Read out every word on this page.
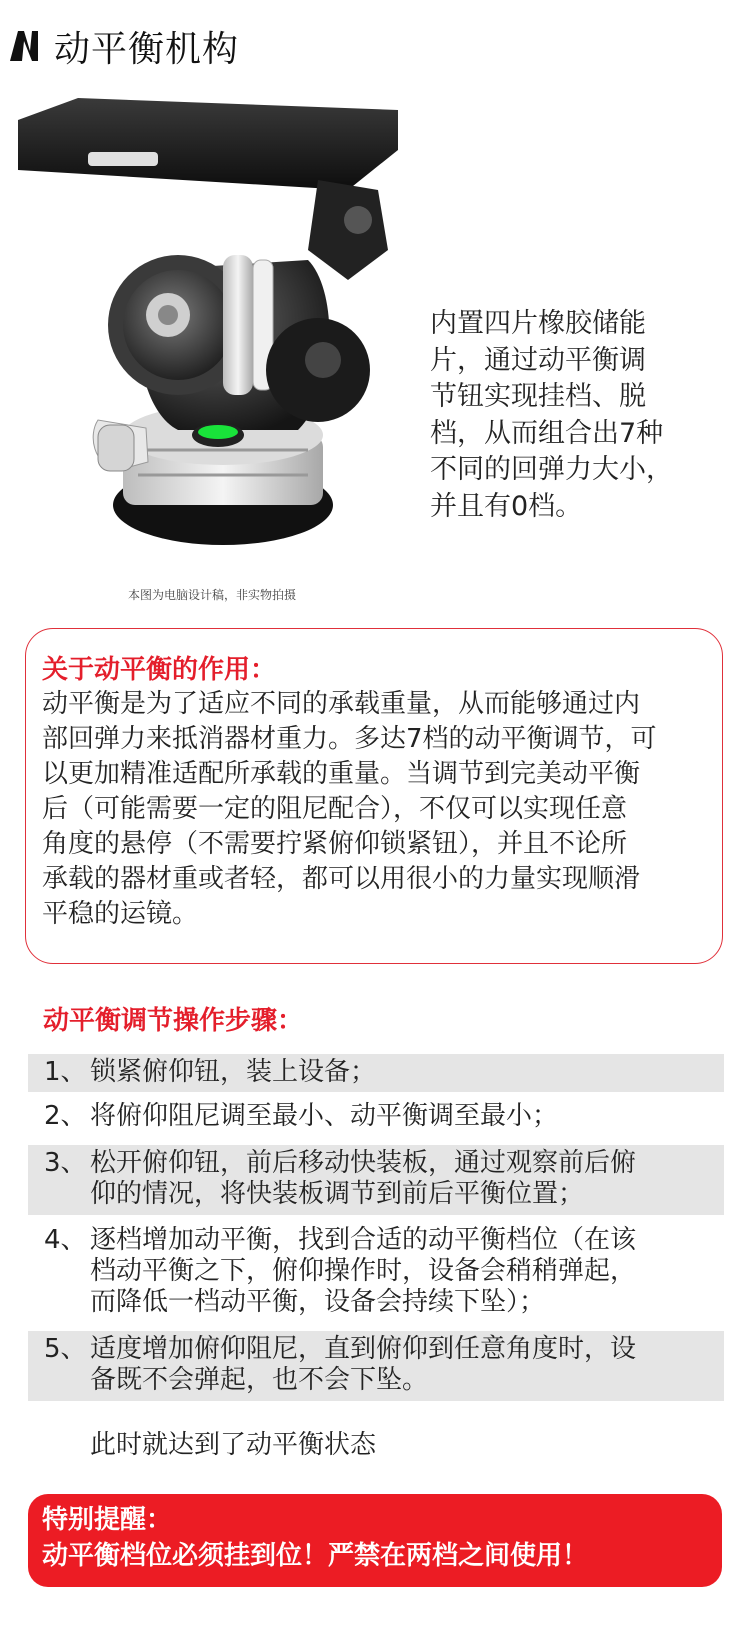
动平衡机构
本图为电脑设计稿，非实物拍摄
内置四片橡胶储能
片，通过动平衡调
节钮实现挂档、脱
档，从而组合出7种
不同的回弹力大小，
并且有0档。
关于动平衡的作用：
动平衡是为了适应不同的承载重量，从而能够通过内
部回弹力来抵消器材重力。多达7档的动平衡调节，可
以更加精准适配所承载的重量。当调节到完美动平衡
后（可能需要一定的阻尼配合），不仅可以实现任意
角度的悬停（不需要拧紧俯仰锁紧钮），并且不论所
承载的器材重或者轻，都可以用很小的力量实现顺滑
平稳的运镜。
动平衡调节操作步骤：
1、 锁紧俯仰钮，装上设备；
2、 将俯仰阻尼调至最小、动平衡调至最小；
3、 松开俯仰钮，前后移动快装板，通过观察前后俯
仰的情况，将快装板调节到前后平衡位置；
4、 逐档增加动平衡，找到合适的动平衡档位（在该
档动平衡之下，俯仰操作时，设备会稍稍弹起，
而降低一档动平衡，设备会持续下坠）；
5、 适度增加俯仰阻尼，直到俯仰到任意角度时，设
备既不会弹起，也不会下坠。
此时就达到了动平衡状态
特别提醒：
动平衡档位必须挂到位！严禁在两档之间使用！
